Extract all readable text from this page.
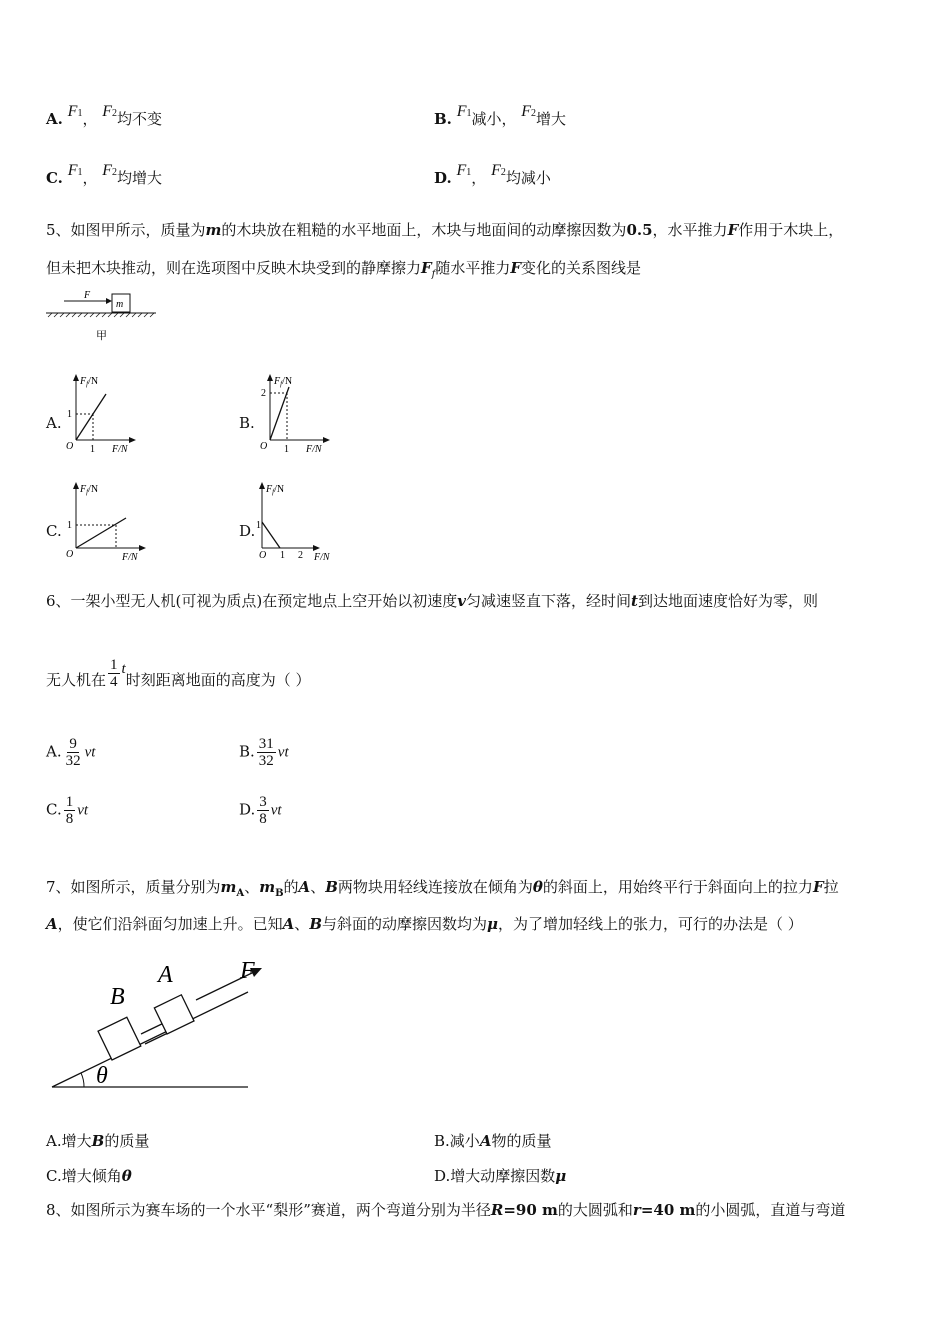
A. $F^1$， $F^2$均不变	B. $F^1$减小， $F^2$增大
C. $F^1$， $F^2$均增大	D. $F^1$， $F^2$均减小
5、如图甲所示，质量为m的木块放在粗糙的水平地面上，木块与地面间的动摩擦因数为0.5，水平推力F作用于木块上，
但未把木块推动，则在选项图中反映木块受到的静摩擦力$F_f$随水平推力F变化的关系图线是
F
m
甲
A.
$F_f/N$
F/N
O
1
1
B.
$F_f/N$
F/N
O
2
1
C.
$F_f/N$
F/N
O
1	D.
$F_f/N$
F/N
O
1
1 2
6、一架小型无人机(可视为质点)在预定地点上空开始以初速度v匀减速竖直下落，经时间t到达地面速度恰好为零，则
无人机在 $\frac{1}{4}$ t时刻距离地面的高度为（ ）
A. $\frac{9}{32}$ vt	B. $\frac{31}{32}$ vt
C. $\frac{1}{8}$ vt	D. $\frac{3}{8}$ vt
7、如图所示，质量分别为$m_A$、$m_B$的A、B两物块用轻线连接放在倾角为θ的斜面上，用始终平行于斜面向上的拉力F拉
A，使它们沿斜面匀加速上升。已知A、B与斜面的动摩擦因数均为μ，为了增加轻线上的张力，可行的办法是（ ）
θ
B
A	F
A.增大B的质量	B.减小A物的质量
C.增大倾角θ	D.增大动摩擦因数μ
8、如图所示为赛车场的一个水平“梨形”赛道，两个弯道分别为半径R=90 m的大圆弧和r=40 m的小圆弧，直道与弯道
